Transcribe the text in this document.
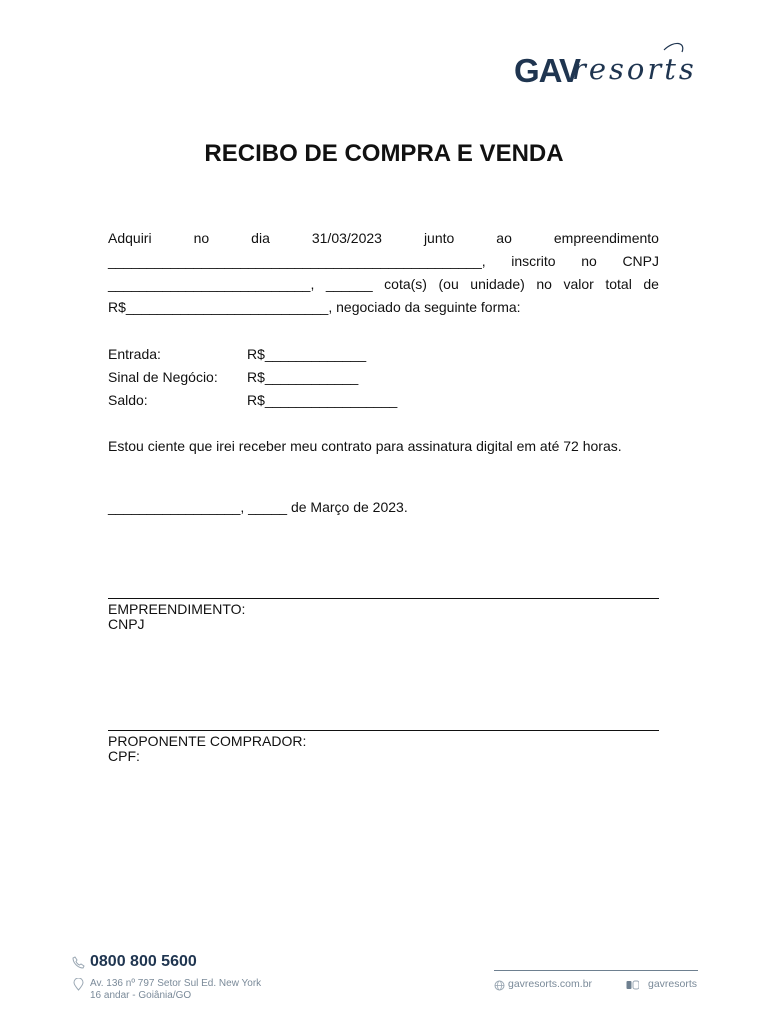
GAV
resorts
RECIBO DE COMPRA E VENDA
Adquiri	no	dia	31/03/2023	junto	ao	empreendimento
________________________________________________, inscrito no CNPJ
__________________________, ______ cota(s) (ou unidade) no valor total de
R$__________________________, negociado da seguinte forma:
Entrada:	R$_____________
Sinal de Negócio: R$____________
Saldo:	R$_________________
Estou ciente que irei receber meu contrato para assinatura digital em até 72 horas.
_________________, _____ de Março de 2023.
EMPREENDIMENTO:
CNPJ
PROPONENTE COMPRADOR:
CPF:
0800 800 5600
Av. 136 nº 797 Setor Sul Ed. New York
16 andar - Goiânia/GO
gavresorts.com.br	gavresorts
